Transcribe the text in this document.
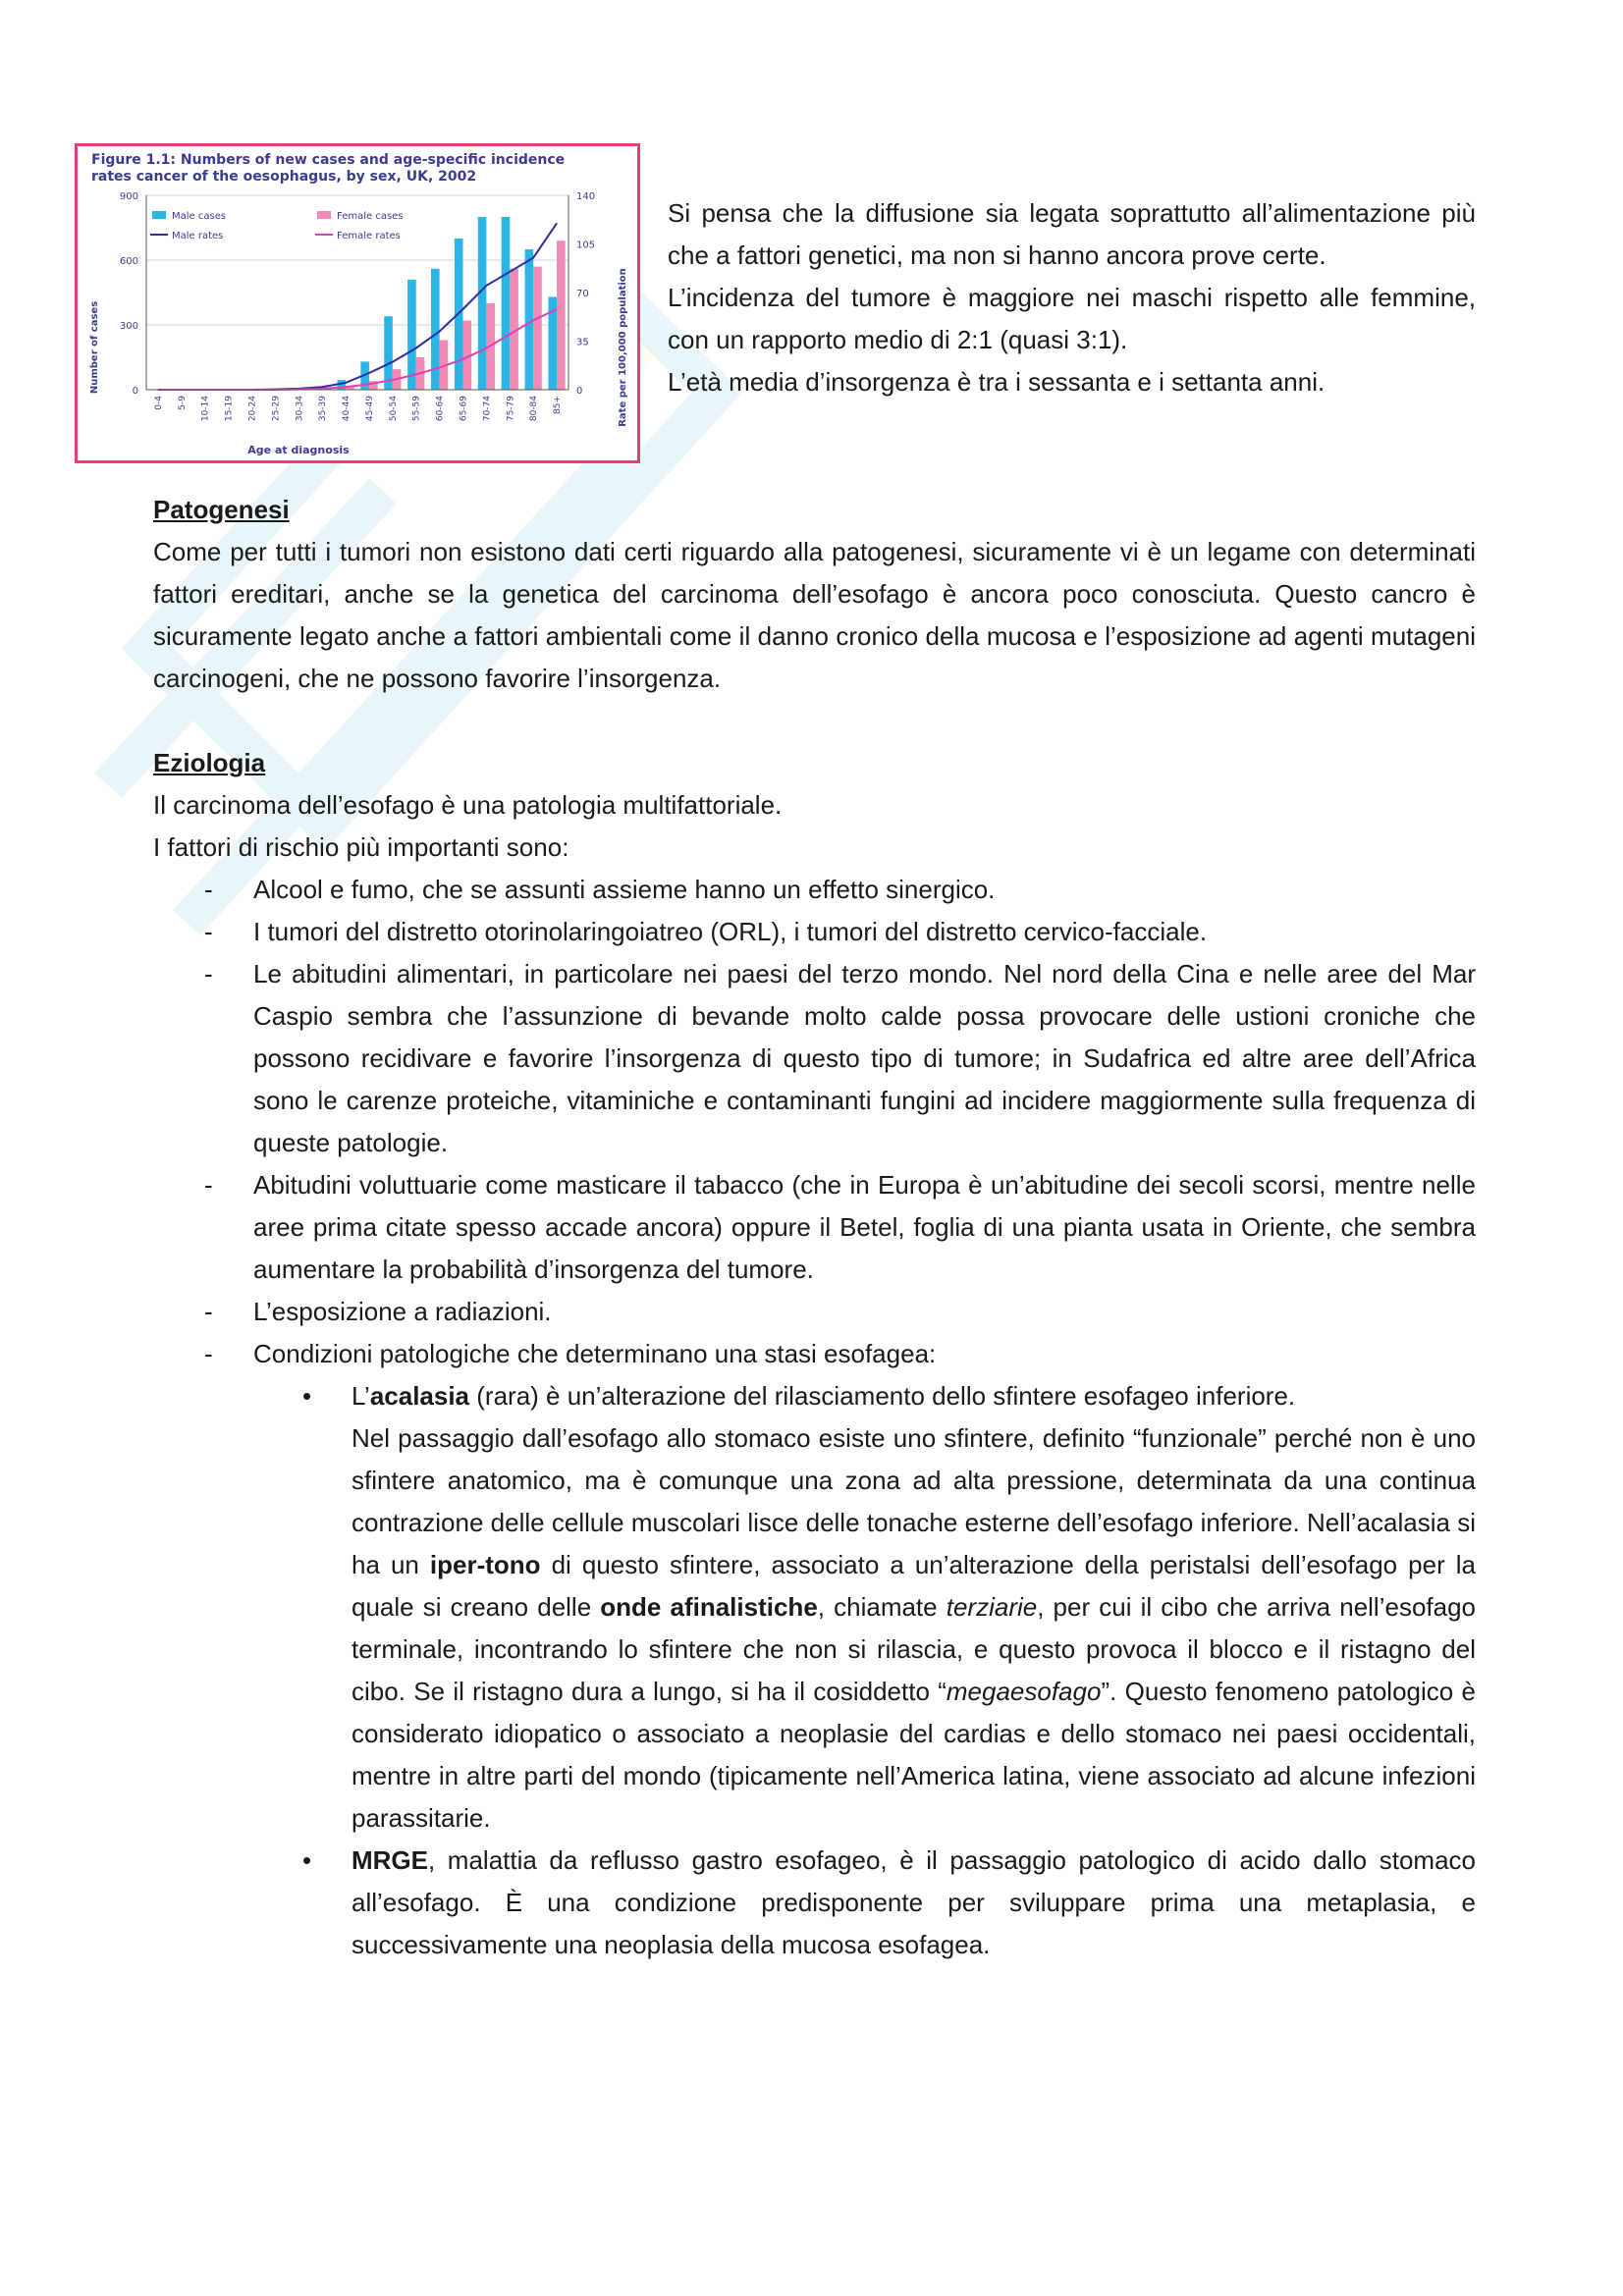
Figure 1.1: Numbers of new cases and age-specific incidence
rates cancer of the oesophagus, by sex, UK, 2002
0
300
600
900
0
35
70
105
140
0-4 5-9 10-14 15-19 20-24 25-29 30-34 35-39 40-44 45-49 50-54 55-59 60-64 65-69 70-74 75-79 80-84 85+
Male cases
Male rates
Female cases
Female rates
Number of cases	Rate per 100,000 population
Age at diagnosis
Si pensa che la diffusione sia legata soprattutto all’alimentazione più che a fattori genetici, ma non si hanno ancora prove certe.
L’incidenza del tumore è maggiore nei maschi rispetto alle femmine, con un rapporto medio di 2:1 (quasi 3:1).
L’età media d’insorgenza è tra i sessanta e i settanta anni.
Patogenesi
Come per tutti i tumori non esistono dati certi riguardo alla patogenesi, sicuramente vi è un legame con determinati fattori ereditari, anche se la genetica del carcinoma dell’esofago è ancora poco conosciuta. Questo cancro è sicuramente legato anche a fattori ambientali come il danno cronico della mucosa e l’esposizione ad agenti mutageni carcinogeni, che ne possono favorire l’insorgenza.
Eziologia
Il carcinoma dell’esofago è una patologia multifattoriale.
I fattori di rischio più importanti sono:
- Alcool e fumo, che se assunti assieme hanno un effetto sinergico.
- I tumori del distretto otorinolaringoiatreo (ORL), i tumori del distretto cervico-facciale.
- Le abitudini alimentari, in particolare nei paesi del terzo mondo. Nel nord della Cina e nelle aree del Mar Caspio sembra che l’assunzione di bevande molto calde possa provocare delle ustioni croniche che possono recidivare e favorire l’insorgenza di questo tipo di tumore; in Sudafrica ed altre aree dell’Africa sono le carenze proteiche, vitaminiche e contaminanti fungini ad incidere maggiormente sulla frequenza di queste patologie.
- Abitudini voluttuarie come masticare il tabacco (che in Europa è un’abitudine dei secoli scorsi, mentre nelle aree prima citate spesso accade ancora) oppure il Betel, foglia di una pianta usata in Oriente, che sembra aumentare la probabilità d’insorgenza del tumore.
- L’esposizione a radiazioni.
- Condizioni patologiche che determinano una stasi esofagea:
• L’acalasia (rara) è un’alterazione del rilasciamento dello sfintere esofageo inferiore.
Nel passaggio dall’esofago allo stomaco esiste uno sfintere, definito “funzionale” perché non è uno sfintere anatomico, ma è comunque una zona ad alta pressione, determinata da una continua contrazione delle cellule muscolari lisce delle tonache esterne dell’esofago inferiore. Nell’acalasia si ha un iper-tono di questo sfintere, associato a un’alterazione della peristalsi dell’esofago per la quale si creano delle onde afinalistiche, chiamate terziarie, per cui il cibo che arriva nell’esofago terminale, incontrando lo sfintere che non si rilascia, e questo provoca il blocco e il ristagno del cibo. Se il ristagno dura a lungo, si ha il cosiddetto “megaesofago”. Questo fenomeno patologico è considerato idiopatico o associato a neoplasie del cardias e dello stomaco nei paesi occidentali, mentre in altre parti del mondo (tipicamente nell’America latina, viene associato ad alcune infezioni parassitarie.
• MRGE, malattia da reflusso gastro esofageo, è il passaggio patologico di acido dallo stomaco all’esofago. È una condizione predisponente per sviluppare prima una metaplasia, e successivamente una neoplasia della mucosa esofagea.
